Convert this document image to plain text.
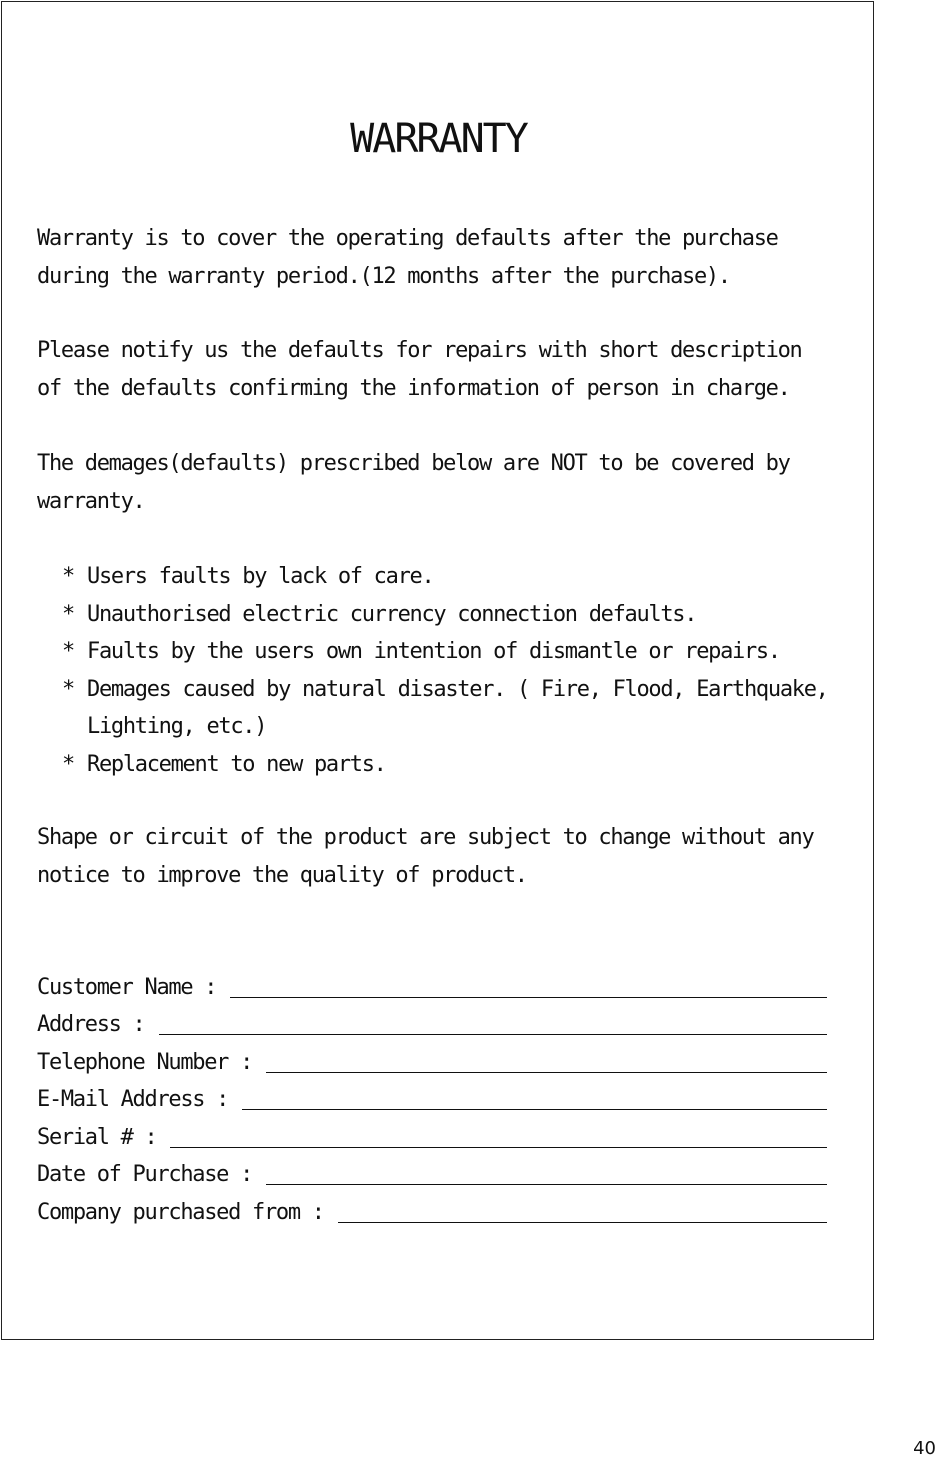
WARRANTY

Warranty is to cover the operating defaults after the purchase
during the warranty period.(12 months after the purchase).

Please notify us the defaults for repairs with short description
of the defaults confirming the information of person in charge.

The demages(defaults) prescribed below are NOT to be covered by
warranty.

* Users faults by lack of care.
* Unauthorised electric currency connection defaults.
* Faults by the users own intention of dismantle or repairs.
* Demages caused by natural disaster. ( Fire, Flood, Earthquake,
Lighting, etc.)
* Replacement to new parts.

Shape or circuit of the product are subject to change without any
notice to improve the quality of product.

Customer Name :
Address :
Telephone Number :
E-Mail Address :
Serial # :
Date of Purchase :
Company purchased from :
40
